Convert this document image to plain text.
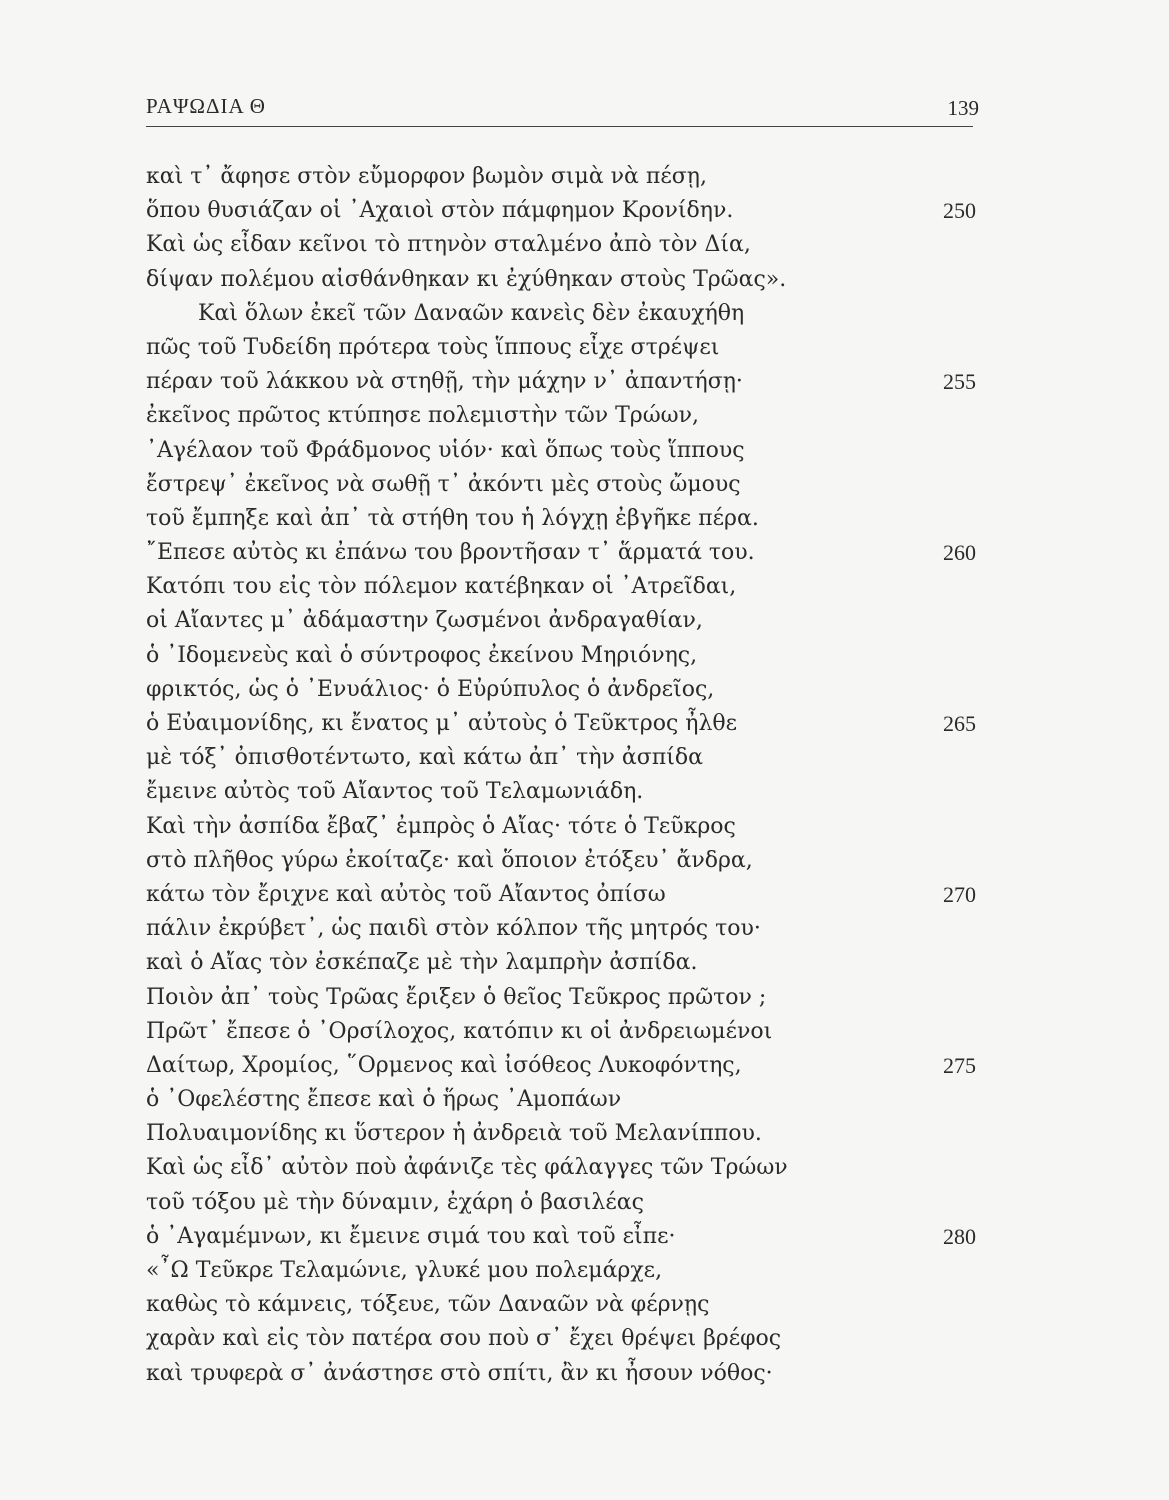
ΡΑΨΩΔΙΑ Θ	139
καὶ τ᾽ ἄφησε στὸν εὔμορφον βωμὸν σιμὰ νὰ πέσῃ,
ὅπου θυσιάζαν οἱ ᾽Αχαιοὶ στὸν πάμφημον Κρονίδην.	250
Καὶ ὡς εἶδαν κεῖνοι τὸ πτηνὸν σταλμένο ἀπὸ τὸν Δία,
δίψαν πολέμου αἰσθάνθηκαν κι ἐχύθηκαν στοὺς Τρῶας».
Καὶ ὅλων ἐκεῖ τῶν Δαναῶν κανεὶς δὲν ἐκαυχήθη
πῶς τοῦ Τυδείδη πρότερα τοὺς ἵππους εἶχε στρέψει
πέραν τοῦ λάκκου νὰ στηθῇ, τὴν μάχην ν᾽ ἀπαντήσῃ·	255
ἐκεῖνος πρῶτος κτύπησε πολεμιστὴν τῶν Τρώων,
᾽Αγέλαον τοῦ Φράδμονος υἱόν· καὶ ὅπως τοὺς ἵππους
ἔστρεψ᾽ ἐκεῖνος νὰ σωθῇ τ᾽ ἀκόντι μὲς στοὺς ὤμους
τοῦ ἔμπηξε καὶ ἀπ᾽ τὰ στήθη του ἡ λόγχῃ ἐβγῆκε πέρα.
῎Επεσε αὐτὸς κι ἐπάνω του βροντῆσαν τ᾽ ἅρματά του.	260
Κατόπι του εἰς τὸν πόλεμον κατέβηκαν οἱ ᾽Ατρεῖδαι,
οἱ Αἴαντες μ᾽ ἀδάμαστην ζωσμένοι ἀνδραγαθίαν,
ὁ ᾽Ιδομενεὺς καὶ ὁ σύντροφος ἐκείνου Μηριόνης,
φρικτός, ὡς ὁ ᾽Ενυάλιος· ὁ Εὐρύπυλος ὁ ἀνδρεῖος,
ὁ Εὐαιμονίδης, κι ἔνατος μ᾽ αὐτοὺς ὁ Τεῦκτρος ἦλθε	265
μὲ τόξ᾽ ὀπισθοτέντωτο, καὶ κάτω ἀπ᾽ τὴν ἀσπίδα
ἔμεινε αὐτὸς τοῦ Αἴαντος τοῦ Τελαμωνιάδη.
Καὶ τὴν ἀσπίδα ἔβαζ᾽ ἐμπρὸς ὁ Αἴας· τότε ὁ Τεῦκρος
στὸ πλῆθος γύρω ἐκοίταζε· καὶ ὅποιον ἐτόξευ᾽ ἄνδρα,
κάτω τὸν ἔριχνε καὶ αὐτὸς τοῦ Αἴαντος ὀπίσω	270
πάλιν ἐκρύβετ᾽, ὡς παιδὶ στὸν κόλπον τῆς μητρός του·
καὶ ὁ Αἴας τὸν ἐσκέπαζε μὲ τὴν λαμπρὴν ἀσπίδα.
Ποιὸν ἀπ᾽ τοὺς Τρῶας ἔριξεν ὁ θεῖος Τεῦκρος πρῶτον ;
Πρῶτ᾽ ἔπεσε ὁ ᾽Ορσίλοχος, κατόπιν κι οἱ ἀνδρειωμένοι
Δαίτωρ, Χρομίος, ῞Ορμενος καὶ ἰσόθεος Λυκοφόντης,	275
ὁ ᾽Οφελέστης ἔπεσε καὶ ὁ ἥρως ᾽Αμοπάων
Πολυαιμονίδης κι ὕστερον ἡ ἀνδρειὰ τοῦ Μελανίππου.
Καὶ ὡς εἶδ᾽ αὐτὸν ποὺ ἀφάνιζε τὲς φάλαγγες τῶν Τρώων
τοῦ τόξου μὲ τὴν δύναμιν, ἐχάρη ὁ βασιλέας
ὁ ᾽Αγαμέμνων, κι ἔμεινε σιμά του καὶ τοῦ εἶπε·	280
«῏Ω Τεῦκρε Τελαμώνιε, γλυκέ μου πολεμάρχε,
καθὼς τὸ κάμνεις, τόξευε, τῶν Δαναῶν νὰ φέρνῃς
χαρὰν καὶ εἰς τὸν πατέρα σου ποὺ σ᾽ ἔχει θρέψει βρέφος
καὶ τρυφερὰ σ᾽ ἀνάστησε στὸ σπίτι, ἂν κι ἦσουν νόθος·
